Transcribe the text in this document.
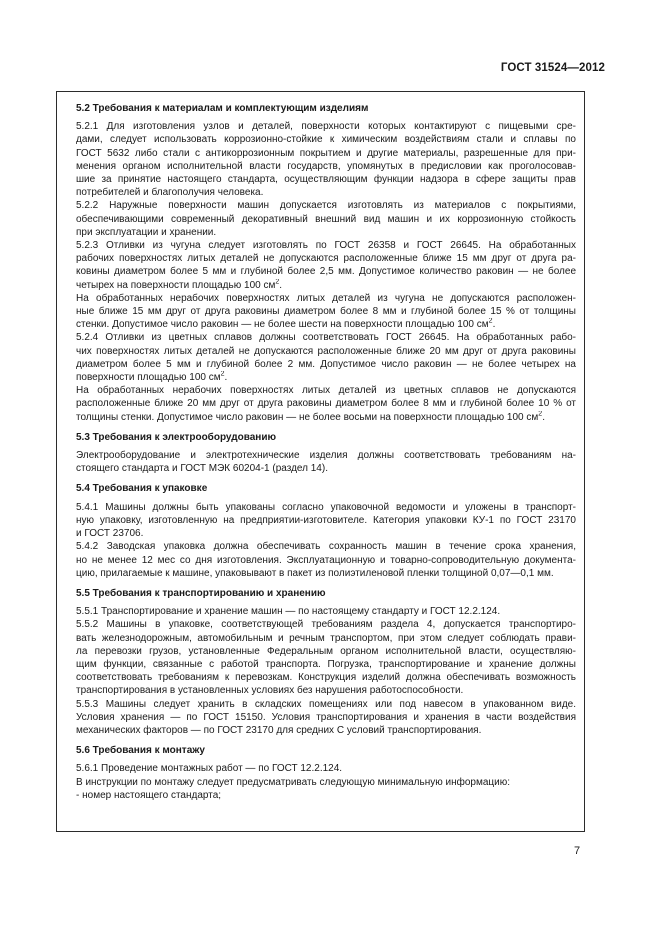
ГОСТ 31524—2012
5.2 Требования к материалам и комплектующим изделиям
5.2.1 Для изготовления узлов и деталей, поверхности которых контактируют с пищевыми сре-
дами, следует использовать коррозионно-стойкие к химическим воздействиям стали и сплавы по
ГОСТ 5632 либо стали с антикоррозионным покрытием и другие материалы, разрешенные для при-
менения органом исполнительной власти государств, упомянутых в предисловии как проголосовав-
шие за принятие настоящего стандарта, осуществляющим функции надзора в сфере защиты прав
потребителей и благополучия человека.
5.2.2 Наружные поверхности машин допускается изготовлять из материалов с покрытиями,
обеспечивающими современный декоративный внешний вид машин и их коррозионную стойкость
при эксплуатации и хранении.
5.2.3 Отливки из чугуна следует изготовлять по ГОСТ 26358 и ГОСТ 26645. На обработанных
рабочих поверхностях литых деталей не допускаются расположенные ближе 15 мм друг от друга ра-
ковины диаметром более 5 мм и глубиной более 2,5 мм. Допустимое количество раковин — не более
четырех на поверхности площадью 100 $см^2$.
На обработанных нерабочих поверхностях литых деталей из чугуна не допускаются расположен-
ные ближе 15 мм друг от друга раковины диаметром более 8 мм и глубиной более 15 % от толщины
стенки. Допустимое число раковин — не более шести на поверхности площадью 100 $см^2$.
5.2.4 Отливки из цветных сплавов должны соответствовать ГОСТ 26645. На обработанных рабо-
чих поверхностях литых деталей не допускаются расположенные ближе 20 мм друг от друга раковины
диаметром более 5 мм и глубиной более 2 мм. Допустимое число раковин — не более четырех на
поверхности площадью 100 $см^2$.
На обработанных нерабочих поверхностях литых деталей из цветных сплавов не допускаются
расположенные ближе 20 мм друг от друга раковины диаметром более 8 мм и глубиной более 10 % от
толщины стенки. Допустимое число раковин — не более восьми на поверхности площадью 100 $см^2$.
5.3 Требования к электрооборудованию
Электрооборудование и электротехнические изделия должны соответствовать требованиям на-
стоящего стандарта и ГОСТ МЭК 60204-1 (раздел 14).
5.4 Требования к упаковке
5.4.1 Машины должны быть упакованы согласно упаковочной ведомости и уложены в транспорт-
ную упаковку, изготовленную на предприятии-изготовителе. Категория упаковки КУ-1 по ГОСТ 23170
и ГОСТ 23706.
5.4.2 Заводская упаковка должна обеспечивать сохранность машин в течение срока хранения,
но не менее 12 мес со дня изготовления. Эксплуатационную и товарно-сопроводительную документа-
цию, прилагаемые к машине, упаковывают в пакет из полиэтиленовой пленки толщиной 0,07—0,1 мм.
5.5 Требования к транспортированию и хранению
5.5.1 Транспортирование и хранение машин — по настоящему стандарту и ГОСТ 12.2.124.
5.5.2 Машины в упаковке, соответствующей требованиям раздела 4, допускается транспортиро-
вать железнодорожным, автомобильным и речным транспортом, при этом следует соблюдать прави-
ла перевозки грузов, установленные Федеральным органом исполнительной власти, осуществляю-
щим функции, связанные с работой транспорта. Погрузка, транспортирование и хранение должны
соответствовать требованиям к перевозкам. Конструкция изделий должна обеспечивать возможность
транспортирования в установленных условиях без нарушения работоспособности.
5.5.3 Машины следует хранить в складских помещениях или под навесом в упакованном виде.
Условия хранения — по ГОСТ 15150. Условия транспортирования и хранения в части воздействия
механических факторов — по ГОСТ 23170 для средних С условий транспортирования.
5.6 Требования к монтажу
5.6.1 Проведение монтажных работ — по ГОСТ 12.2.124.
В инструкции по монтажу следует предусматривать следующую минимальную информацию:
- номер настоящего стандарта;
7
